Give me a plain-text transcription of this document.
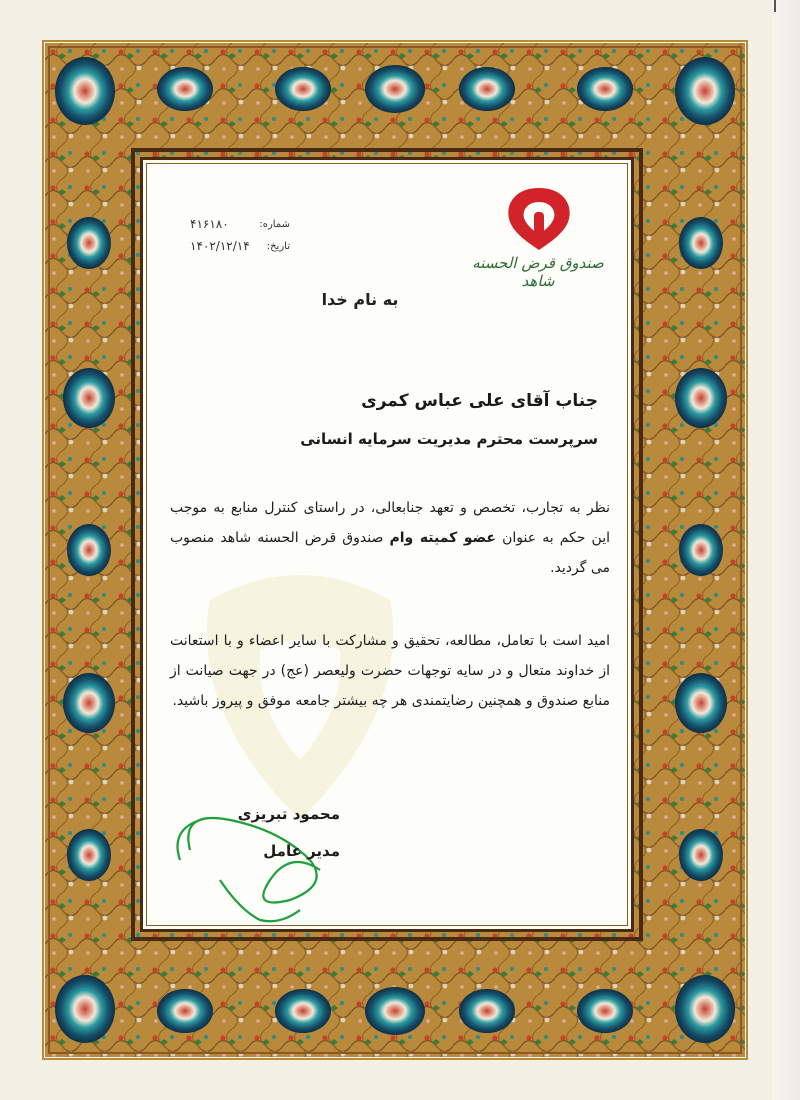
صندوق قرض الحسنه شاهد
شماره:
۴۱۶۱۸۰
تاریخ:
۱۴۰۲/۱۲/۱۴
به نام خدا
جناب آقای علی عباس کمری
سرپرست محترم مدیریت سرمایه انسانی
نظر به تجارب، تخصص و تعهد جنابعالی، در راستای کنترل منابع به موجب این حکم به عنوان عضو کمیته وام صندوق قرض الحسنه شاهد منصوب می گردید.
امید است با تعامل، مطالعه، تحقیق و مشارکت با سایر اعضاء و با استعانت از خداوند متعال و در سایه توجهات حضرت ولیعصر (عج) در جهت صیانت از منابع صندوق و همچنین رضایتمندی هر چه بیشتر جامعه موفق و پیروز باشید.
محمود تبریزی
مدیر عامل
